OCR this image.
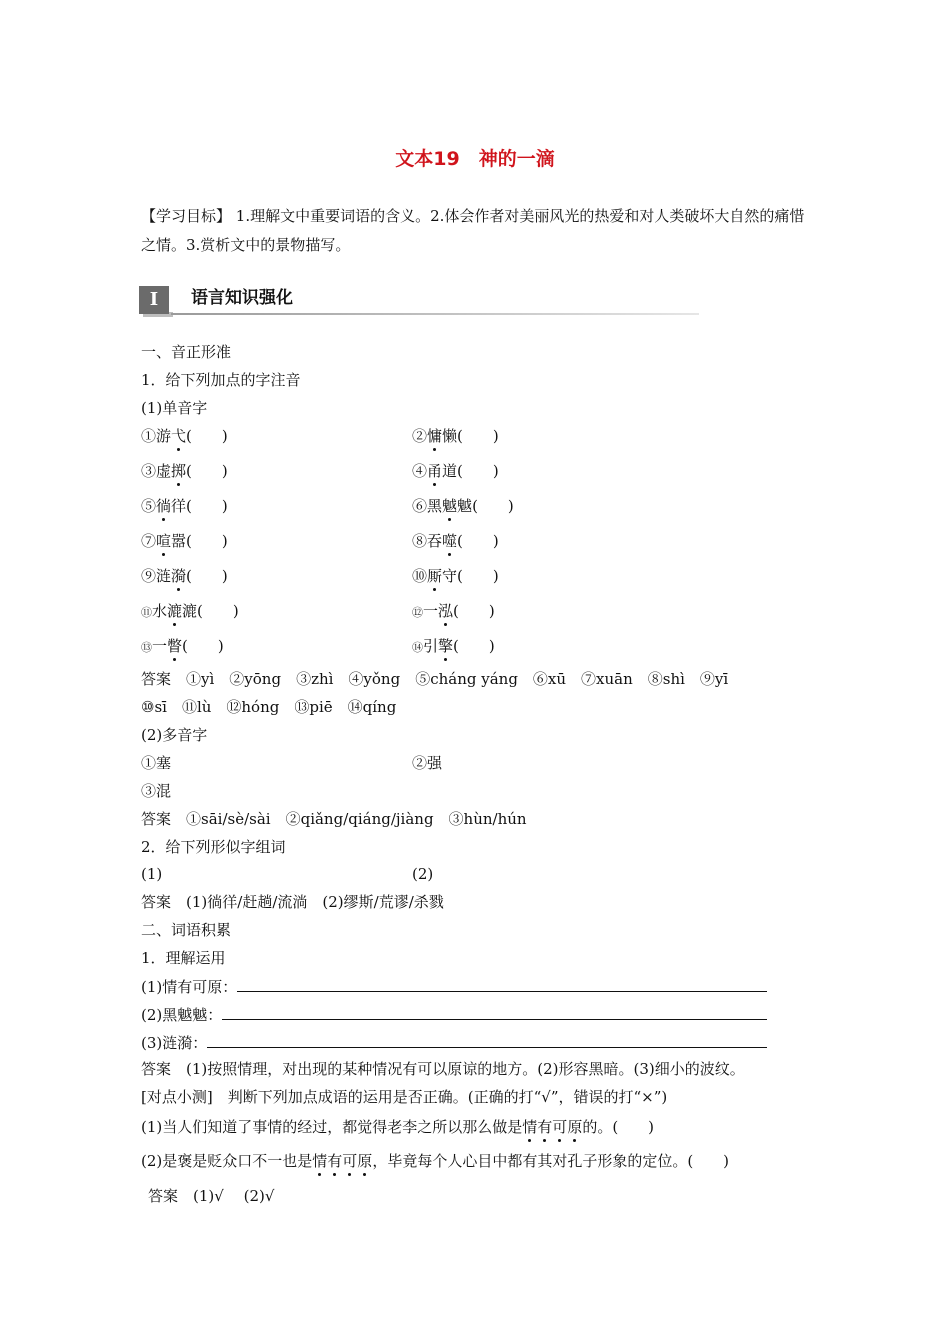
文本19　神的一滴
【学习目标】 1.理解文中重要词语的含义。2.体会作者对美丽风光的热爱和对人类破坏大自然的痛惜之情。3.赏析文中的景物描写。
I	语言知识强化
一、音正形准
1．给下列加点的字注音
(1)单音字
①游弋(　　)	②慵懒(　　)
③虚掷(　　)	④甬道(　　)
⑤徜徉(　　)	⑥黑魆魆(　　)
⑦喧嚣(　　)	⑧吞噬(　　)
⑨涟漪(　　)	⑩厮守(　　)
⑪水漉漉(　　)	⑫一泓(　　)
⑬一瞥(　　)	⑭引擎(　　)
答案　 ①yì　②yōng　③zhì　④yǒng　⑤cháng yáng　⑥xū　⑦xuān　⑧shì　⑨yī
⑩sī　⑪lù　⑫hóng　⑬piē　⑭qíng
(2)多音字
①塞	②强
③混
答案　 ①sāi/sè/sài　②qiǎng/qiáng/jiàng　③hùn/hún
2．给下列形似字组词
(1)	(2)
答案　 (1)徜徉/赶趟/流淌　(2)缪斯/荒谬/杀戮
二、词语积累
1．理解运用
(1)情有可原：
(2)黑魆魆：
(3)涟漪：
答案　 (1)按照情理，对出现的某种情况有可以原谅的地方。(2)形容黑暗。(3)细小的波纹。
[对点小测]　 判断下列加点成语的运用是否正确。(正确的打“√”，错误的打“×”)
(1)当人们知道了事情的经过，都觉得老李之所以那么做是情有可原的。(　　)
(2)是褒是贬众口不一也是情有可原，毕竟每个人心目中都有其对孔子形象的定位。(　　)
答案　 (1)√　 (2)√
